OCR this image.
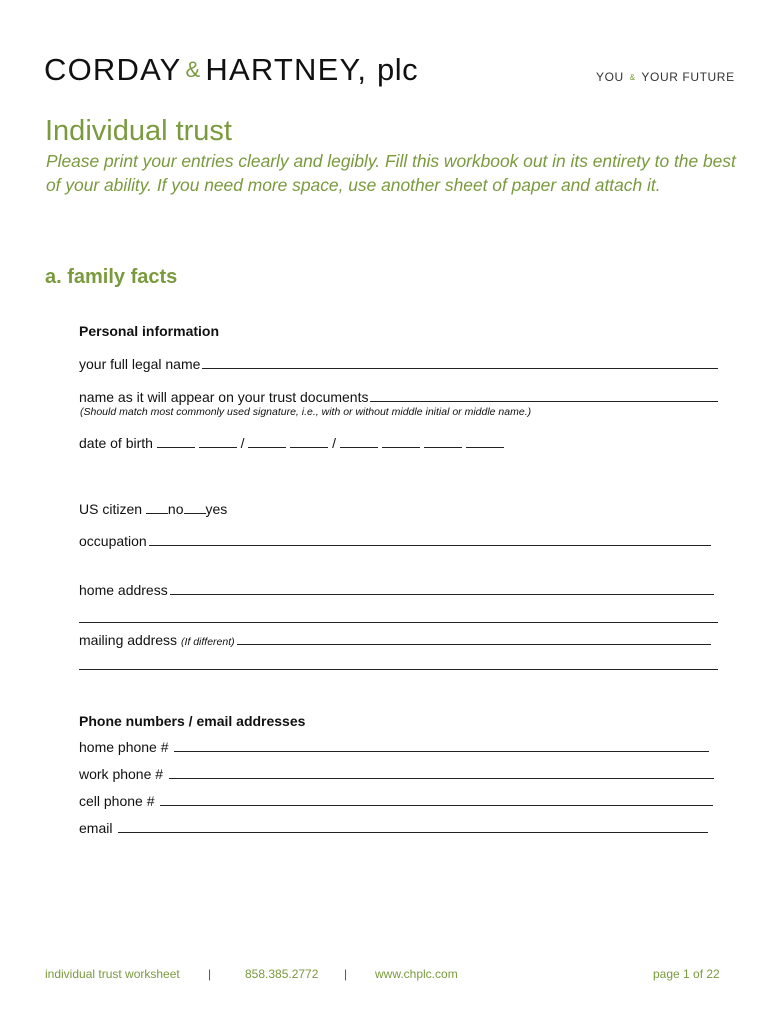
CORDAY & HARTNEY, plc	YOU & YOUR FUTURE
Individual trust
Please print your entries clearly and legibly. Fill this workbook out in its entirety to the best of your ability. If you need more space, use another sheet of paper and attach it.
a. family facts
Personal information
your full legal name
name as it will appear on your trust documents
(Should match most commonly used signature, i.e., with or without middle initial or middle name.)
date of birth	/	/
US citizen no yes
occupation
home address
mailing address (If different)
Phone numbers / email addresses
home phone #
work phone #
cell phone #
email
individual trust worksheet |	858.385.2772 | www.chplc.com	page 1 of 22
